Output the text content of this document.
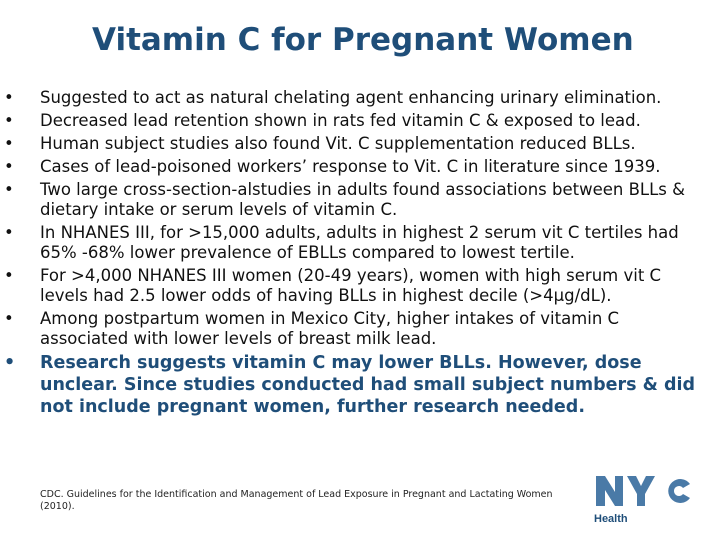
Vitamin C for Pregnant Women
• Suggested to act as natural chelating agent enhancing urinary elimination.
• Decreased lead retention shown in rats fed vitamin C & exposed to lead.
• Human subject studies also found Vit. C supplementation reduced BLLs.
• Cases of lead-poisoned workers’ response to Vit. C in literature since 1939.
• Two large cross-section-alstudies in adults found associations between BLLs & dietary intake or serum levels of vitamin C.
• In NHANES III, for >15,000 adults, adults in highest 2 serum vit C tertiles had 65% -68% lower prevalence of EBLLs compared to lowest tertile.
• For >4,000 NHANES III women (20-49 years), women with high serum vit C levels had 2.5 lower odds of having BLLs in highest decile (>4µg/dL).
• Among postpartum women in Mexico City, higher intakes of vitamin C associated with lower levels of breast milk lead.
• Research suggests vitamin C may lower BLLs. However, dose unclear. Since studies conducted had small subject numbers & did not include pregnant women, further research needed.
CDC. Guidelines for the Identification and Management of Lead Exposure in Pregnant and Lactating Women (2010).
Health
